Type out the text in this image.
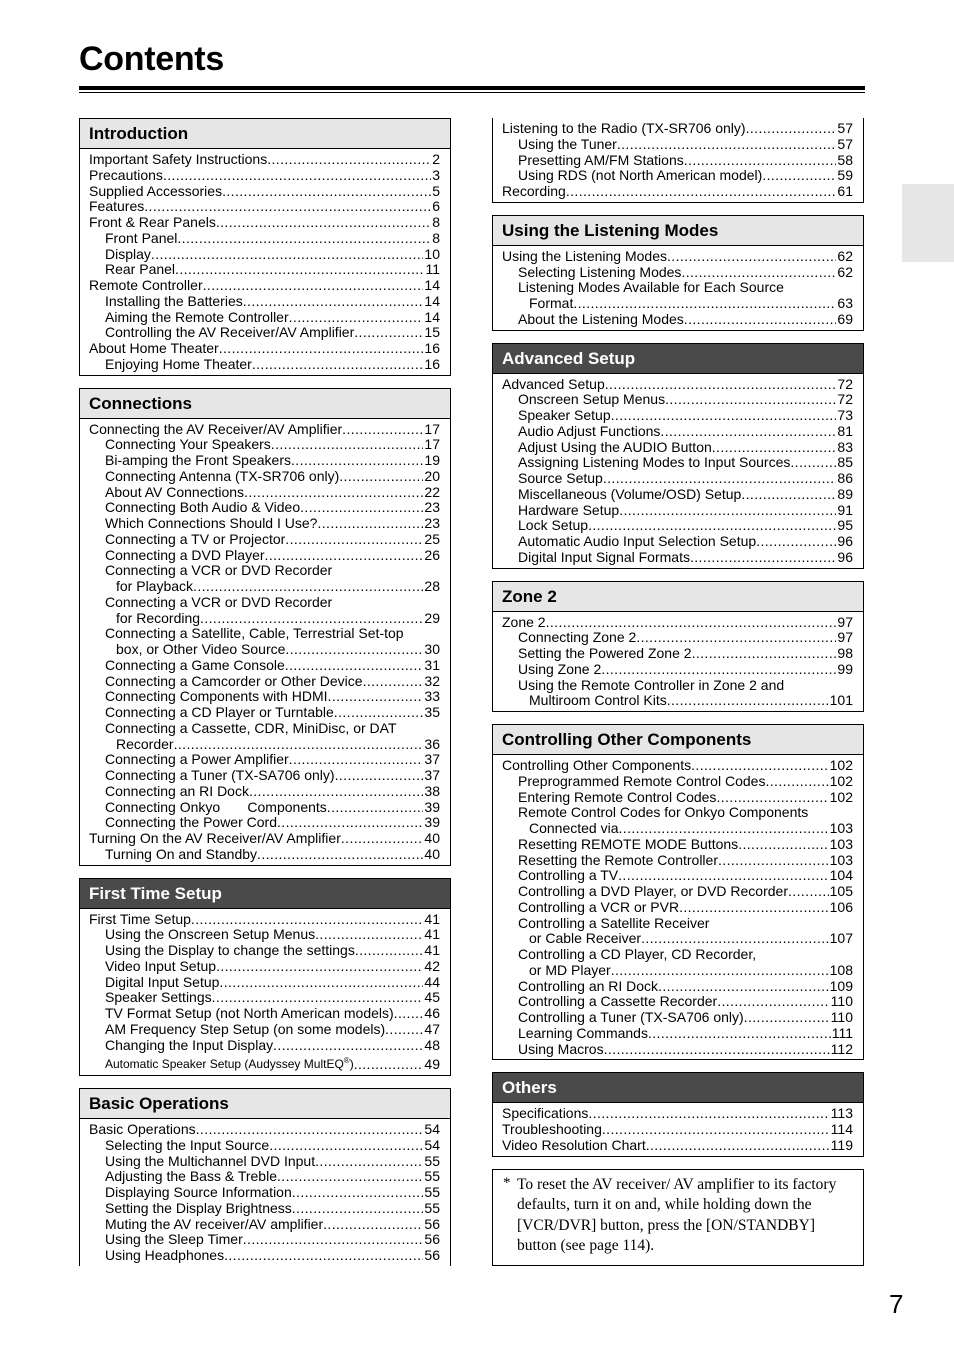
Contents
Introduction
Important Safety Instructions .....	2
Precautions .....	3
Supplied Accessories .....	5
Features .....	6
Front & Rear Panels .....	8
Front Panel .....	8
Display .....	10
Rear Panel .....	11
Remote Controller .....	14
Installing the Batteries .....	14
Aiming the Remote Controller .....	14
Controlling the AV Receiver/AV Amplifier .....	15
About Home Theater .....	16
Enjoying Home Theater .....	16
Connections
Connecting the AV Receiver/AV Amplifier .....	17
Connecting Your Speakers .....	17
Bi-amping the Front Speakers .....	19
Connecting Antenna (TX-SR706 only) .....	20
About AV Connections .....	22
Connecting Both Audio & Video .....	23
Which Connections Should I Use? .....	23
Connecting a TV or Projector .....	25
Connecting a DVD Player .....	26
Connecting a VCR or DVD Recorder
for Playback .....	28
Connecting a VCR or DVD Recorder
for Recording .....	29
Connecting a Satellite, Cable, Terrestrial Set-top
box, or Other Video Source .....	30
Connecting a Game Console .....	31
Connecting a Camcorder or Other Device .....	32
Connecting Components with HDMI .....	33
Connecting a CD Player or Turntable .....	35
Connecting a Cassette, CDR, MiniDisc, or DAT
Recorder .....	36
Connecting a Power Amplifier .....	37
Connecting a Tuner (TX-SA706 only) .....	37
Connecting an RI Dock .....	38
Connecting Onkyo       Components .....	39
Connecting the Power Cord .....	39
Turning On the AV Receiver/AV Amplifier .....	40
Turning On and Standby .....	40
First Time Setup
First Time Setup .....	41
Using the Onscreen Setup Menus .....	41
Using the Display to change the settings .....	41
Video Input Setup .....	42
Digital Input Setup .....	44
Speaker Settings .....	45
TV Format Setup (not North American models) ..... 46
AM Frequency Step Setup (on some models) .....	47
Changing the Input Display .....	48
Automatic Speaker Setup (Audyssey MultEQ®) .....	49
Basic Operations
Basic Operations .....	54
Selecting the Input Source .....	54
Using the Multichannel DVD Input .....	55
Adjusting the Bass & Treble .....	55
Displaying Source Information .....	55
Setting the Display Brightness .....	55
Muting the AV receiver/AV amplifier .....	56
Using the Sleep Timer .....	56
Using Headphones .....	56
Listening to the Radio (TX-SR706 only) .....	57
Using the Tuner .....	57
Presetting AM/FM Stations .....	58
Using RDS (not North American model) .....	59
Recording .....	61
Using the Listening Modes
Using the Listening Modes .....	62
Selecting Listening Modes .....	62
Listening Modes Available for Each Source
Format .....	63
About the Listening Modes .....	69
Advanced Setup
Advanced Setup .....	72
Onscreen Setup Menus .....	72
Speaker Setup .....	73
Audio Adjust Functions .....	81
Adjust Using the AUDIO Button .....	83
Assigning Listening Modes to Input Sources .....	85
Source Setup .....	86
Miscellaneous (Volume/OSD) Setup .....	89
Hardware Setup .....	91
Lock Setup .....	95
Automatic Audio Input Selection Setup .....	96
Digital Input Signal Formats .....	96
Zone 2
Zone 2 .....	97
Connecting Zone 2 .....	97
Setting the Powered Zone 2 .....	98
Using Zone 2 .....	99
Using the Remote Controller in Zone 2 and
Multiroom Control Kits .....	101
Controlling Other Components
Controlling Other Components .....	102
Preprogrammed Remote Control Codes .....	102
Entering Remote Control Codes .....	102
Remote Control Codes for Onkyo Components
Connected via .....	103
Resetting REMOTE MODE Buttons .....	103
Resetting the Remote Controller .....	103
Controlling a TV .....	104
Controlling a DVD Player, or DVD Recorder .....	105
Controlling a VCR or PVR .....	106
Controlling a Satellite Receiver
or Cable Receiver .....	107
Controlling a CD Player, CD Recorder,
or MD Player .....	108
Controlling an RI Dock .....	109
Controlling a Cassette Recorder .....	110
Controlling a Tuner (TX-SA706 only) .....	110
Learning Commands .....	111
Using Macros .....	112
Others
Specifications .....	113
Troubleshooting .....	114
Video Resolution Chart .....	119
* To reset the AV receiver/ AV amplifier to its factory defaults, turn it on and, while holding down the [VCR/DVR] button, press the [ON/STANDBY] button (see page 114).
7
